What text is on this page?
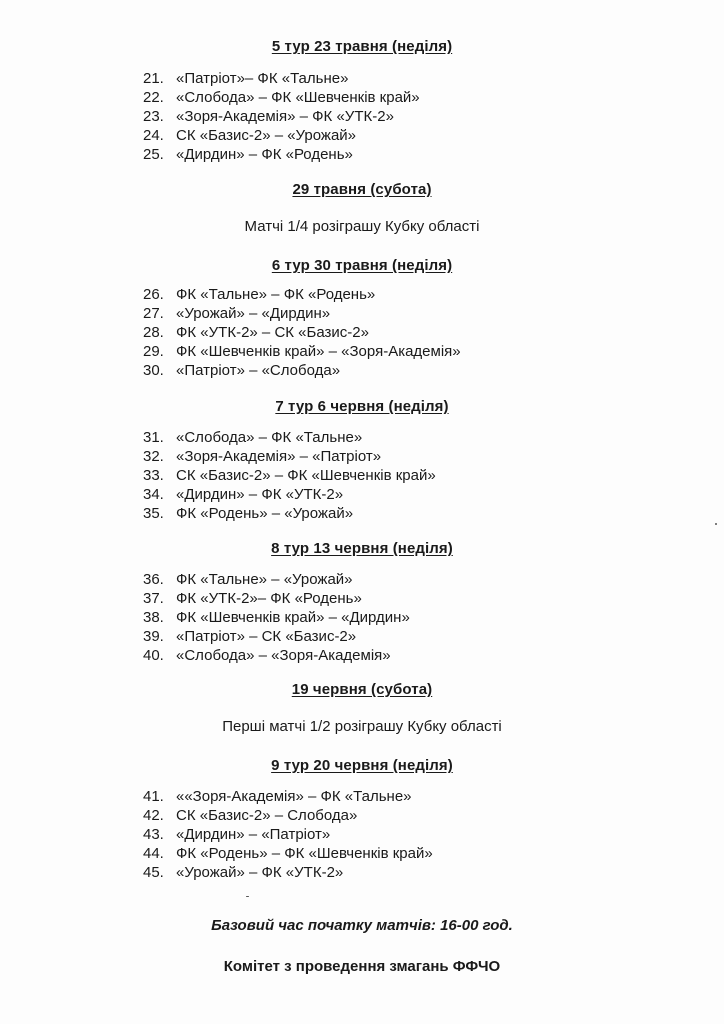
5 тур 23 травня (неділя)
21. «Патріот»– ФК «Тальне»
22. «Слобода» – ФК «Шевченків край»
23. «Зоря-Академія» – ФК «УТК-2»
24. СК «Базис-2» – «Урожай»
25. «Дирдин» – ФК «Родень»
29 травня (субота)
Матчі 1/4 розіграшу Кубку області
6 тур 30 травня (неділя)
26. ФК «Тальне» – ФК «Родень»
27. «Урожай» – «Дирдин»
28. ФК «УТК-2» – СК «Базис-2»
29. ФК «Шевченків край» – «Зоря-Академія»
30. «Патріот» – «Слобода»
7 тур 6 червня (неділя)
31. «Слобода» – ФК «Тальне»
32. «Зоря-Академія» – «Патріот»
33. СК «Базис-2» – ФК «Шевченків край»
34. «Дирдин» – ФК «УТК-2»
35. ФК «Родень» – «Урожай»
8 тур 13 червня (неділя)
36. ФК «Тальне» – «Урожай»
37. ФК «УТК-2»– ФК «Родень»
38. ФК «Шевченків край» – «Дирдин»
39. «Патріот» – СК «Базис-2»
40. «Слобода» – «Зоря-Академія»
19 червня (субота)
Перші матчі 1/2 розіграшу Кубку області
9 тур 20 червня (неділя)
41. ««Зоря-Академія» – ФК «Тальне»
42. СК «Базис-2» – Слобода»
43. «Дирдин» – «Патріот»
44. ФК «Родень» – ФК «Шевченків край»
45. «Урожай» – ФК «УТК-2»
Базовий час початку матчів: 16-00 год.
Комітет з проведення змагань ФФЧО
